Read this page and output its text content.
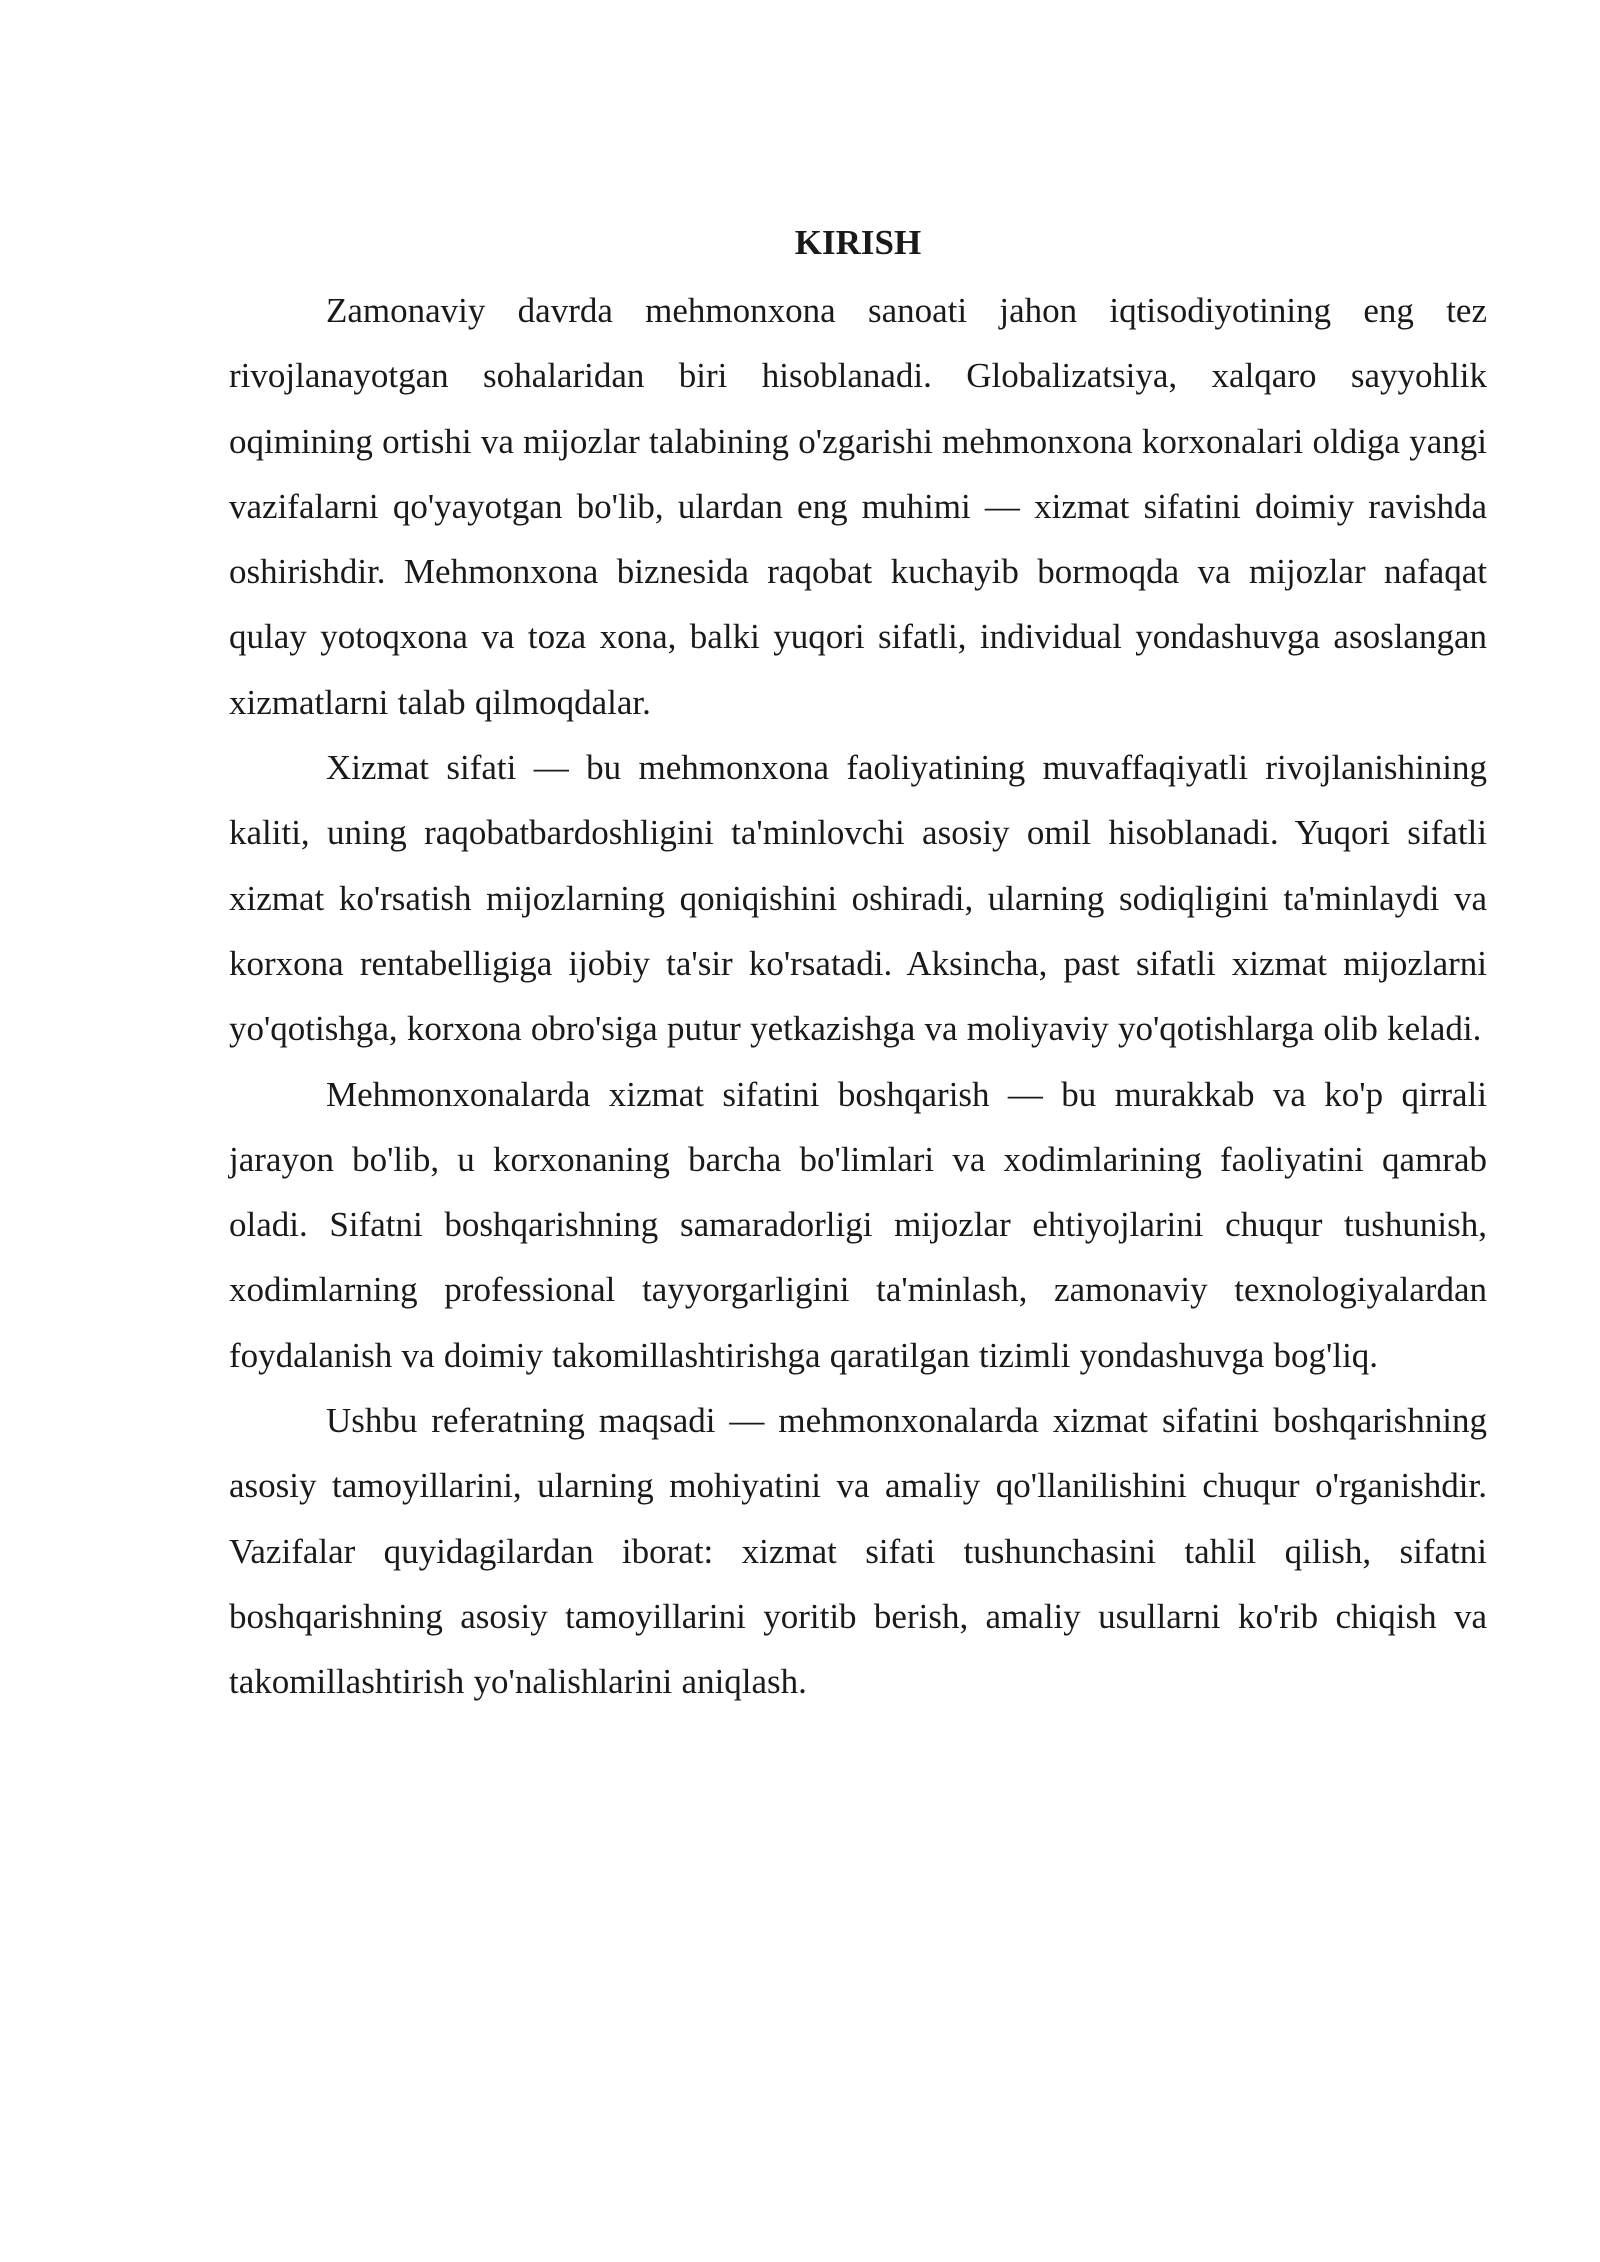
KIRISH

Zamonaviy davrda mehmonxona sanoati jahon iqtisodiyotining eng tez rivojlanayotgan sohalaridan biri hisoblanadi. Globalizatsiya, xalqaro sayyohlik oqimining ortishi va mijozlar talabining o'zgarishi mehmonxona korxonalari oldiga yangi vazifalarni qo'yayotgan bo'lib, ulardan eng muhimi — xizmat sifatini doimiy ravishda oshirishdir. Mehmonxona biznesida raqobat kuchayib bormoqda va mijozlar nafaqat qulay yotoqxona va toza xona, balki yuqori sifatli, individual yondashuvga asoslangan xizmatlarni talab qilmoqdalar.

Xizmat sifati — bu mehmonxona faoliyatining muvaffaqiyatli rivojlanishining kaliti, uning raqobatbardoshligini ta'minlovchi asosiy omil hisoblanadi. Yuqori sifatli xizmat ko'rsatish mijozlarning qoniqishini oshiradi, ularning sodiqligini ta'minlaydi va korxona rentabelligiga ijobiy ta'sir ko'rsatadi. Aksincha, past sifatli xizmat mijozlarni yo'qotishga, korxona obro'siga putur yetkazishga va moliyaviy yo'qotishlarga olib keladi.

Mehmonxonalarda xizmat sifatini boshqarish — bu murakkab va ko'p qirrali jarayon bo'lib, u korxonaning barcha bo'limlari va xodimlarining faoliyatini qamrab oladi. Sifatni boshqarishning samaradorligi mijozlar ehtiyojlarini chuqur tushunish, xodimlarning professional tayyorgarligini ta'minlash, zamonaviy texnologiyalardan foydalanish va doimiy takomillashtirishga qaratilgan tizimli yondashuvga bog'liq.

Ushbu referatning maqsadi — mehmonxonalarda xizmat sifatini boshqarishning asosiy tamoyillarini, ularning mohiyatini va amaliy qo'llanilishini chuqur o'rganishdir. Vazifalar quyidagilardan iborat: xizmat sifati tushunchasini tahlil qilish, sifatni boshqarishning asosiy tamoyillarini yoritib berish, amaliy usullarni ko'rib chiqish va takomillashtirish yo'nalishlarini aniqlash.
